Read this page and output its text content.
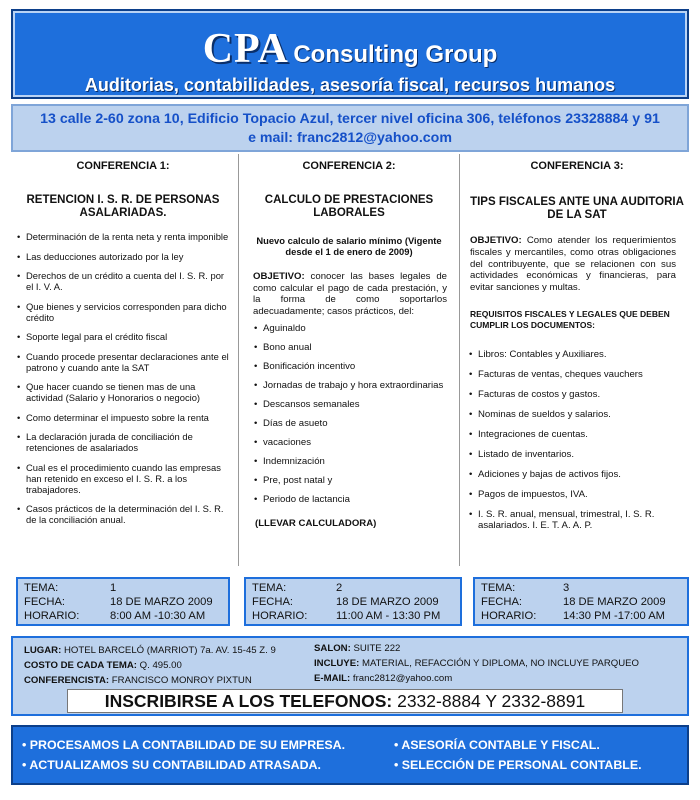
CPA Consulting Group
Auditorias, contabilidades, asesoría fiscal, recursos humanos
13 calle 2-60 zona 10, Edificio Topacio Azul, tercer nivel oficina 306, teléfonos 23328884 y 91
e mail: franc2812@yahoo.com
CONFERENCIA 1:
RETENCION I. S. R. DE PERSONAS ASALARIADAS.
• Determinación de la renta neta y renta imponible
• Las deducciones autorizado por la ley
• Derechos de un crédito a cuenta del I. S. R. por el I. V. A.
• Que bienes y servicios corresponden para dicho crédito
• Soporte legal para el crédito fiscal
• Cuando procede presentar declaraciones ante el patrono y cuando ante la SAT
• Que hacer cuando se tienen mas de una actividad (Salario y Honorarios o negocio)
• Como determinar el impuesto sobre la renta
• La declaración jurada de conciliación de retenciones de asalariados
• Cual es el procedimiento cuando las empresas han retenido en exceso el I. S. R. a los trabajadores.
• Casos prácticos de la determinación del I. S. R. de la conciliación anual.
CONFERENCIA 2:
CALCULO DE PRESTACIONES LABORALES
Nuevo calculo de salario mínimo (Vigente desde el 1 de enero de 2009)
OBJETIVO: conocer las bases legales de como calcular el pago de cada prestación, y la forma de como soportarlos adecuadamente; casos prácticos, del:
• Aguinaldo
• Bono anual
• Bonificación incentivo
• Jornadas de trabajo y hora extraordinarias
• Descansos semanales
• Días de asueto
• vacaciones
• Indemnización
• Pre, post natal y
• Periodo de lactancia
(LLEVAR CALCULADORA)
CONFERENCIA 3:
TIPS FISCALES ANTE UNA AUDITORIA DE LA SAT
OBJETIVO: Como atender los requerimientos fiscales y mercantiles, como otras obligaciones del contribuyente, que se relacionen con sus actividades económicas y financieras, para evitar sanciones y multas.
REQUISITOS FISCALES Y LEGALES QUE DEBEN CUMPLIR LOS DOCUMENTOS:
• Libros: Contables y Auxiliares.
• Facturas de ventas, cheques vauchers
• Facturas de costos y gastos.
• Nominas de sueldos y salarios.
• Integraciones de cuentas.
• Listado de inventarios.
• Adiciones y bajas de activos fijos.
• Pagos de impuestos, IVA.
• I. S. R. anual, mensual, trimestral, I. S. R. asalariados. I. E. T. A. A. P.
TEMA:	1
FECHA:	18 DE MARZO 2009
HORARIO:	8:00 AM -10:30 AM
TEMA:	2
FECHA:	18 DE MARZO 2009
HORARIO:	11:00 AM - 13:30 PM
TEMA:	3
FECHA:	18 DE MARZO 2009
HORARIO:	14:30 PM -17:00 AM
LUGAR: HOTEL BARCELÓ (MARRIOT) 7a. AV. 15-45 Z. 9
COSTO DE CADA TEMA: Q. 495.00
CONFERENCISTA: FRANCISCO MONROY PIXTUN
SALON: SUITE 222
INCLUYE: MATERIAL, REFACCIÓN Y DIPLOMA, NO INCLUYE PARQUEO
E-MAIL: franc2812@yahoo.com
INSCRIBIRSE A LOS TELEFONOS: 2332-8884 Y 2332-8891
• PROCESAMOS LA CONTABILIDAD DE SU EMPRESA.
• ACTUALIZAMOS SU CONTABILIDAD ATRASADA.
• ASESORÍA CONTABLE Y FISCAL.
• SELECCIÓN DE PERSONAL CONTABLE.
